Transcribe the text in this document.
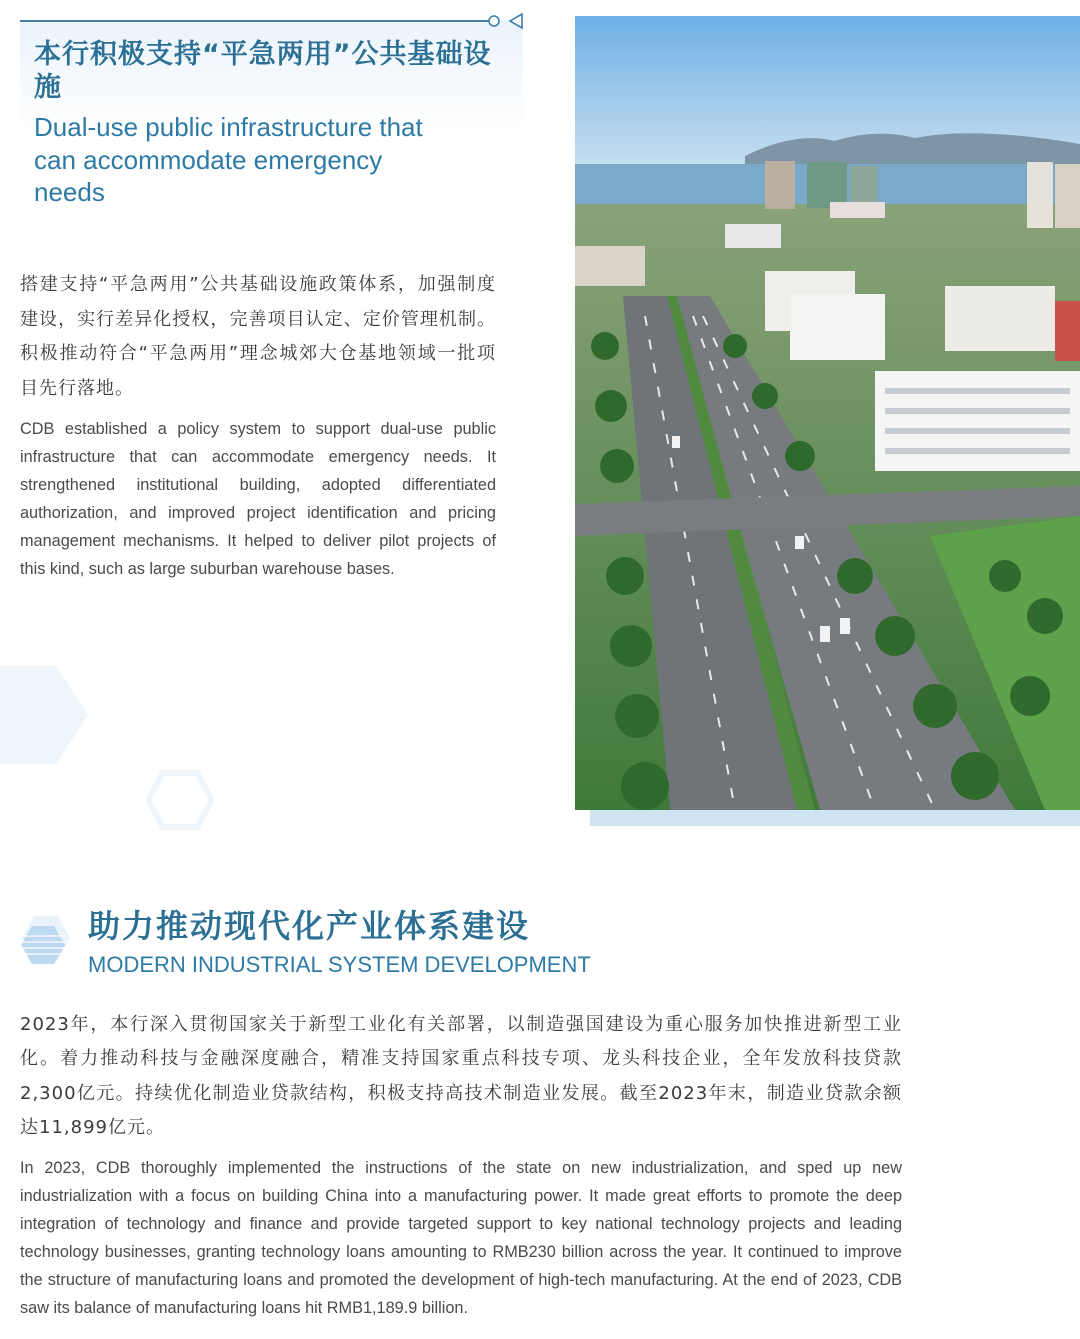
本行积极支持“平急两用”公共基础设施
Dual-use public infrastructure that can accommodate emergency needs

搭建支持“平急两用”公共基础设施政策体系，加强制度建设，实行差异化授权，完善项目认定、定价管理机制。积极推动符合“平急两用”理念城郊大仓基地领域一批项目先行落地。

CDB established a policy system to support dual-use public infrastructure that can accommodate emergency needs. It strengthened institutional building, adopted differentiated authorization, and improved project identification and pricing management mechanisms. It helped to deliver pilot projects of this kind, such as large suburban warehouse bases.

助力推动现代化产业体系建设
MODERN INDUSTRIAL SYSTEM DEVELOPMENT

2023年，本行深入贯彻国家关于新型工业化有关部署，以制造强国建设为重心服务加快推进新型工业化。着力推动科技与金融深度融合，精准支持国家重点科技专项、龙头科技企业，全年发放科技贷款2,300亿元。持续优化制造业贷款结构，积极支持高技术制造业发展。截至2023年末，制造业贷款余额达11,899亿元。

In 2023, CDB thoroughly implemented the instructions of the state on new industrialization, and sped up new industrialization with a focus on building China into a manufacturing power. It made great efforts to promote the deep integration of technology and finance and provide targeted support to key national technology projects and leading technology businesses, granting technology loans amounting to RMB230 billion across the year. It continued to improve the structure of manufacturing loans and promoted the development of high-tech manufacturing. At the end of 2023, CDB saw its balance of manufacturing loans hit RMB1,189.9 billion.
